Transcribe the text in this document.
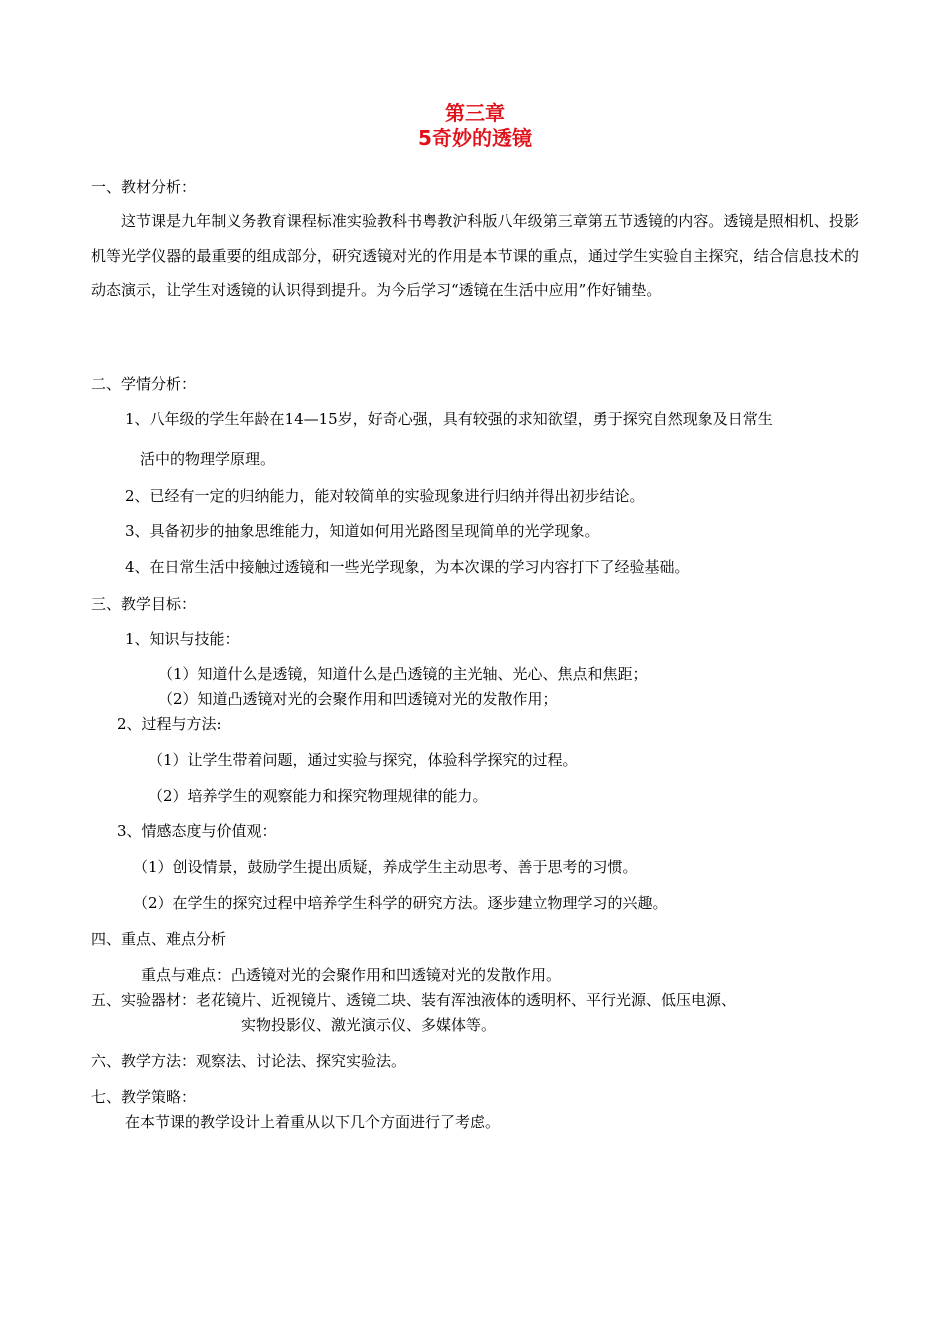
第三章
5奇妙的透镜
一、教材分析：
这节课是九年制义务教育课程标准实验教科书粤教沪科版八年级第三章第五节透镜的内容。透镜是照相机、投影机等光学仪器的最重要的组成部分，研究透镜对光的作用是本节课的重点，通过学生实验自主探究，结合信息技术的动态演示，让学生对透镜的认识得到提升。为今后学习“透镜在生活中应用”作好铺垫。
二、学情分析：
1、八年级的学生年龄在14—15岁，好奇心强，具有较强的求知欲望，勇于探究自然现象及日常生
活中的物理学原理。
2、已经有一定的归纳能力，能对较简单的实验现象进行归纳并得出初步结论。
3、具备初步的抽象思维能力，知道如何用光路图呈现简单的光学现象。
4、在日常生活中接触过透镜和一些光学现象，为本次课的学习内容打下了经验基础。
三、教学目标：
1、知识与技能：
（1）知道什么是透镜，知道什么是凸透镜的主光轴、光心、焦点和焦距；
（2）知道凸透镜对光的会聚作用和凹透镜对光的发散作用；
2、过程与方法:
（1）让学生带着问题，通过实验与探究，体验科学探究的过程。
（2）培养学生的观察能力和探究物理规律的能力。
3、情感态度与价值观：
（1）创设情景，鼓励学生提出质疑，养成学生主动思考、善于思考的习惯。
（2）在学生的探究过程中培养学生科学的研究方法。逐步建立物理学习的兴趣。
四、重点、难点分析
重点与难点：凸透镜对光的会聚作用和凹透镜对光的发散作用。
五、实验器材：老花镜片、近视镜片、透镜二块、装有浑浊液体的透明杯、平行光源、低压电源、
实物投影仪、激光演示仪、多媒体等。
六、教学方法：观察法、讨论法、探究实验法。
七、教学策略：
在本节课的教学设计上着重从以下几个方面进行了考虑。
